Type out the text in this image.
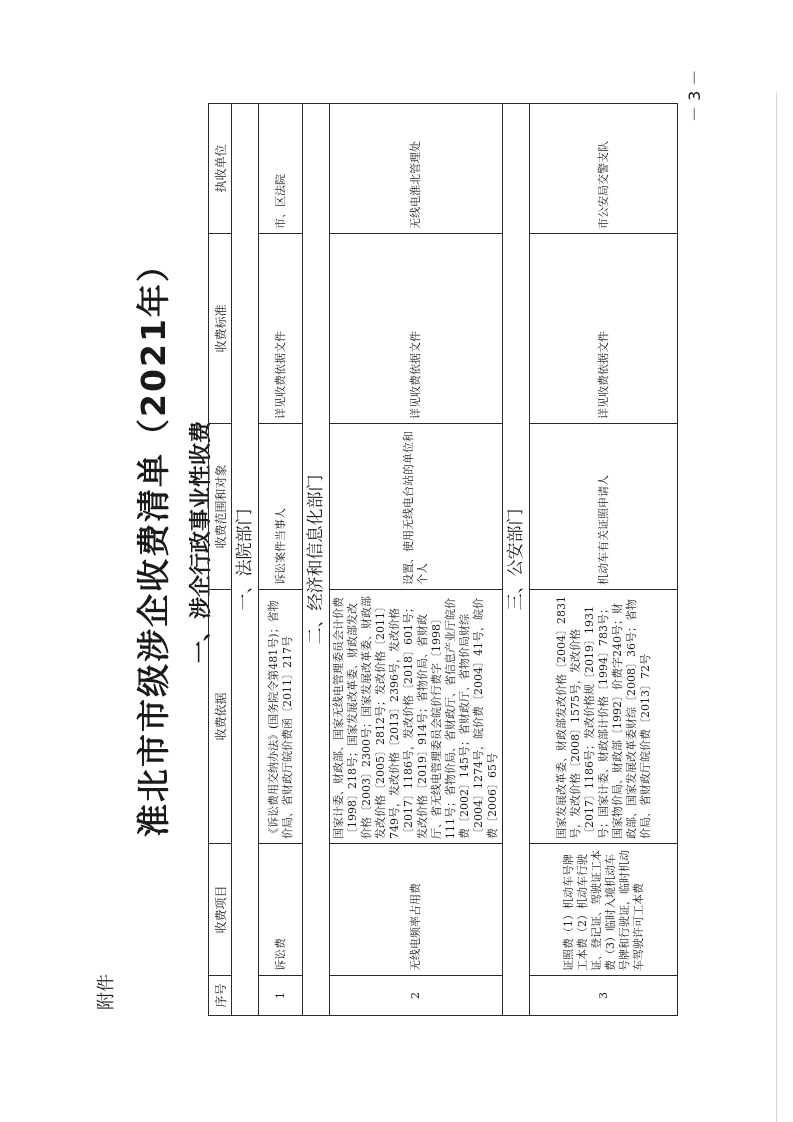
附件
淮北市市级涉企收费清单（2021年） 一、涉企行政事业性收费
序号	收费项目	收费依据	收费范围和对象	收费标准	执收单位
一、法院部门					
1	诉讼费	《诉讼费用交纳办法》(国务院令第481号)；省物价局、省财政厅皖价费函〔2011〕217号	诉讼案件当事人	详见收费依据文件	市、区法院
二、经济和信息化部门					
2	无线电频率占用费	国家计委、财政部、国家无线电管理委员会计价费〔1998〕218号；国家发展改革委、财政部发改价格〔2003〕2300号；国家发展改革委、财政部发改价格〔2005〕2812号；发改价格〔2011〕749号，发改价格〔2013〕2396号，发改价格〔2017〕1186号，发改价格〔2018〕601号；发改价格〔2019〕914号；省物价局、省财政厅、省无线电管理委员会皖价行费字〔1998〕111号；省物价局、省财政厅、省信息产业厅皖价费〔2002〕145号；省财政厅、省物价局财综〔2004〕1274号，皖价费〔2004〕41号，皖价费〔2006〕65号	设置、使用无线电台站的单位和个人	详见收费依据文件	无线电淮北管理处
三、公安部门					
3	证照费（1）机动车号牌工本费（2）机动车行驶证、登记证、驾驶证工本费（3）临时入境机动车号牌和行驶证，临时机动车驾驶许可工本费	国家发展改革委、财政部发改价格〔2004〕2831号，发改价格〔2008〕1575号，发改价格〔2017〕1186号；发改价格规〔2019〕1931号；国家计委、财政部计价格〔1994〕783号；国家物价局、财政部〔1992〕价费字240号；财政部、国家发展改革委财综〔2008〕36号；省物价局、省财政厅皖价费〔2013〕72号	机动车有关证照申请人	详见收费依据文件	市公安局交警支队
－ 3 －
